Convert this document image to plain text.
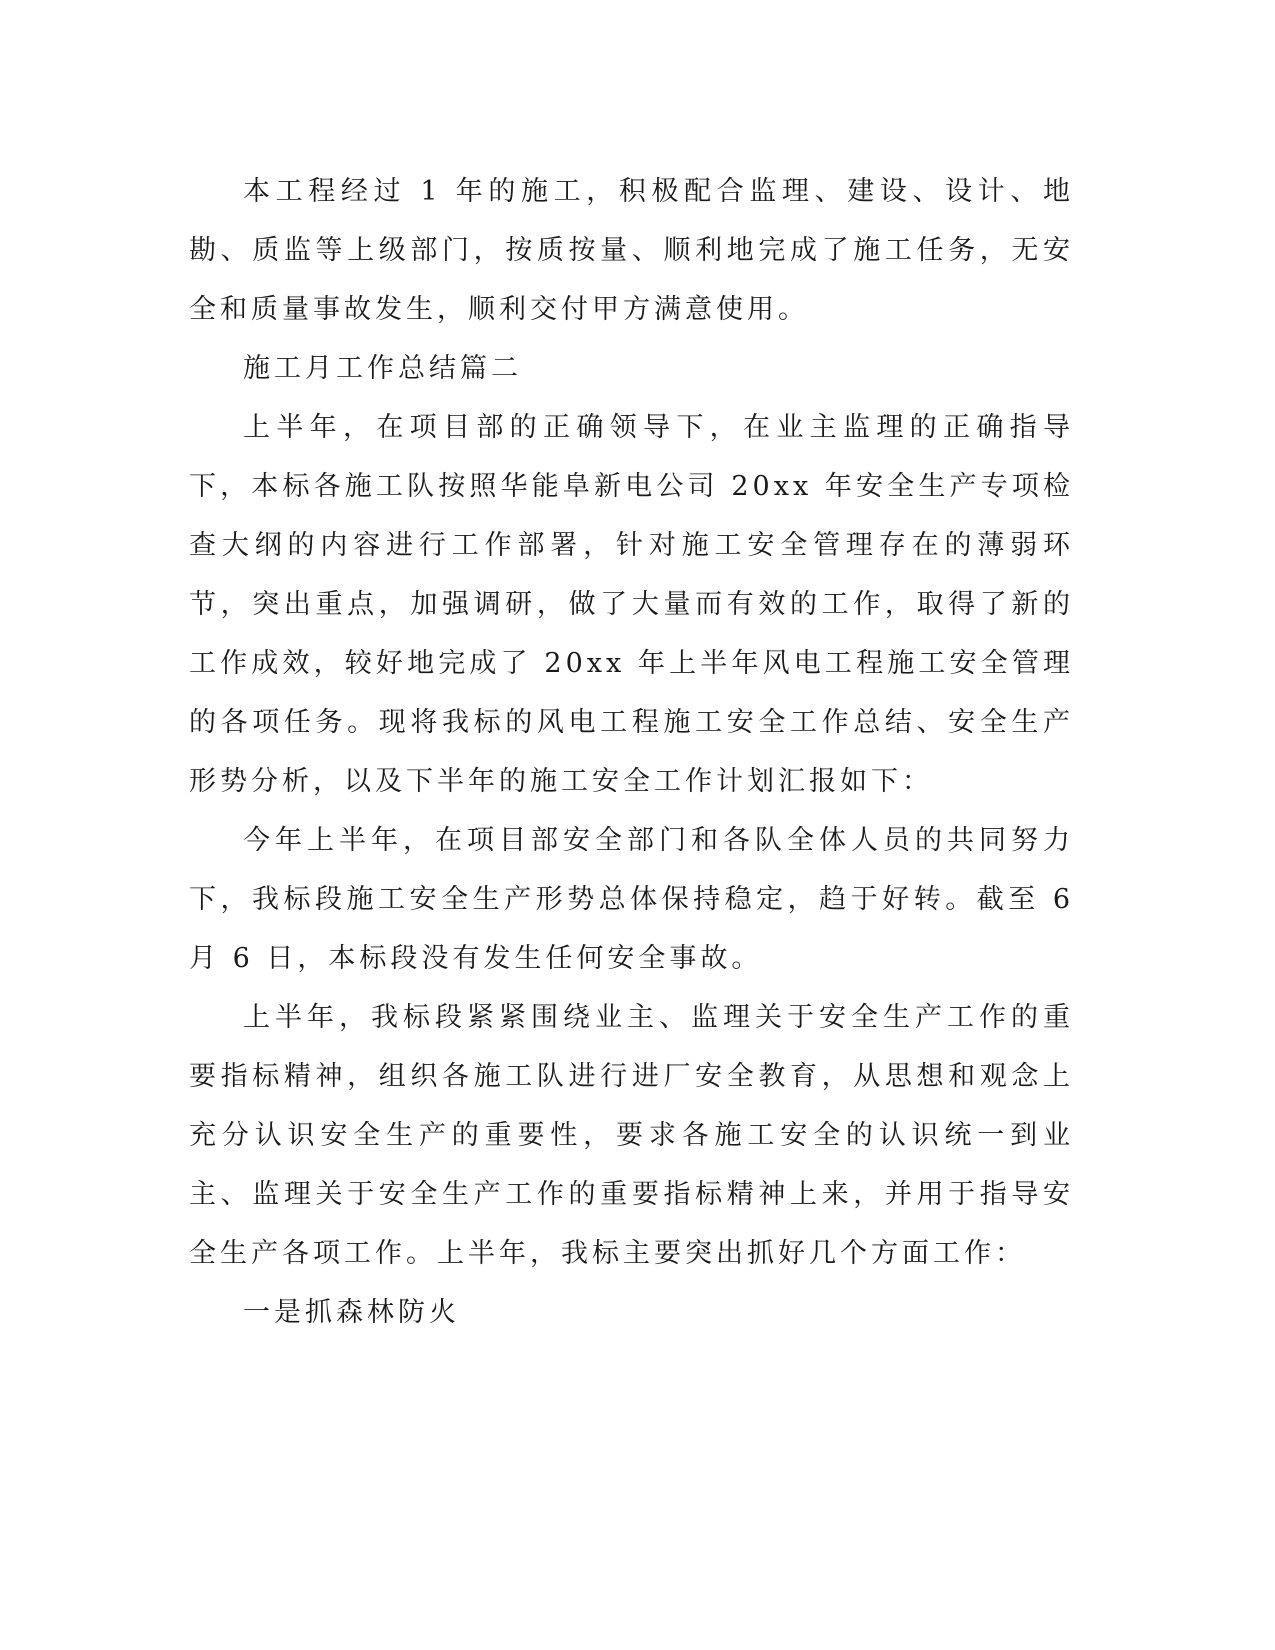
本工程经过 1 年的施工，积极配合监理、建设、设计、地勘、质监等上级部门，按质按量、顺利地完成了施工任务，无安全和质量事故发生，顺利交付甲方满意使用。

施工月工作总结篇二

上半年，在项目部的正确领导下，在业主监理的正确指导下，本标各施工队按照华能阜新电公司 20xx 年安全生产专项检查大纲的内容进行工作部署，针对施工安全管理存在的薄弱环节，突出重点，加强调研，做了大量而有效的工作，取得了新的工作成效，较好地完成了 20xx 年上半年风电工程施工安全管理的各项任务。现将我标的风电工程施工安全工作总结、安全生产形势分析，以及下半年的施工安全工作计划汇报如下：

今年上半年，在项目部安全部门和各队全体人员的共同努力下，我标段施工安全生产形势总体保持稳定，趋于好转。截至 6 月 6 日，本标段没有发生任何安全事故。

上半年，我标段紧紧围绕业主、监理关于安全生产工作的重要指标精神，组织各施工队进行进厂安全教育，从思想和观念上充分认识安全生产的重要性，要求各施工安全的认识统一到业主、监理关于安全生产工作的重要指标精神上来，并用于指导安全生产各项工作。上半年，我标主要突出抓好几个方面工作：

一是抓森林防火
